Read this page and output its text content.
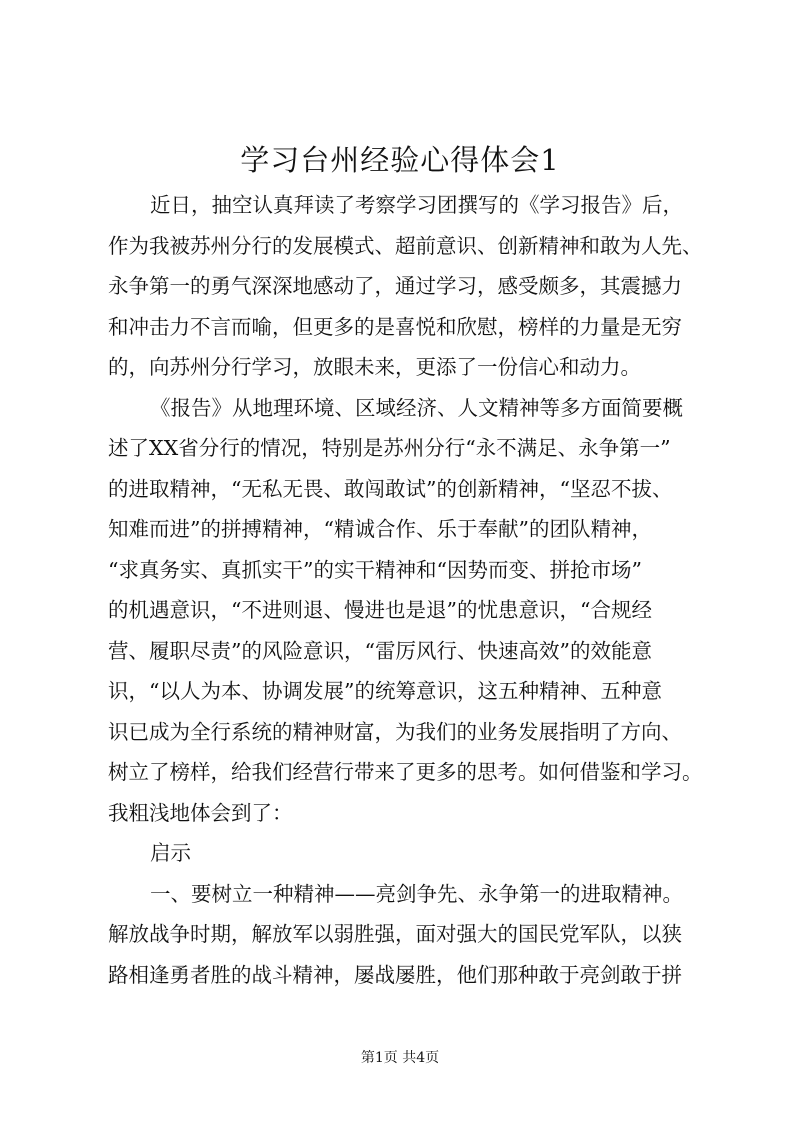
学习台州经验心得体会1
近日，抽空认真拜读了考察学习团撰写的《学习报告》后，
作为我被苏州分行的发展模式、超前意识、创新精神和敢为人先、
永争第一的勇气深深地感动了，通过学习，感受颇多，其震撼力
和冲击力不言而喻，但更多的是喜悦和欣慰，榜样的力量是无穷
的，向苏州分行学习，放眼未来，更添了一份信心和动力。
《报告》从地理环境、区域经济、人文精神等多方面简要概
述了XX省分行的情况，特别是苏州分行“永不满足、永争第一”
的进取精神，“无私无畏、敢闯敢试”的创新精神，“坚忍不拔、
知难而进”的拼搏精神，“精诚合作、乐于奉献”的团队精神，
“求真务实、真抓实干”的实干精神和“因势而变、拼抢市场”
的机遇意识，“不进则退、慢进也是退”的忧患意识，“合规经
营、履职尽责”的风险意识，“雷厉风行、快速高效”的效能意
识，“以人为本、协调发展”的统筹意识，这五种精神、五种意
识已成为全行系统的精神财富，为我们的业务发展指明了方向、
树立了榜样，给我们经营行带来了更多的思考。如何借鉴和学习。
我粗浅地体会到了：
启示
一、要树立一种精神——亮剑争先、永争第一的进取精神。
解放战争时期，解放军以弱胜强，面对强大的国民党军队，以狭
路相逢勇者胜的战斗精神，屡战屡胜，他们那种敢于亮剑敢于拼
第1页 共4页
